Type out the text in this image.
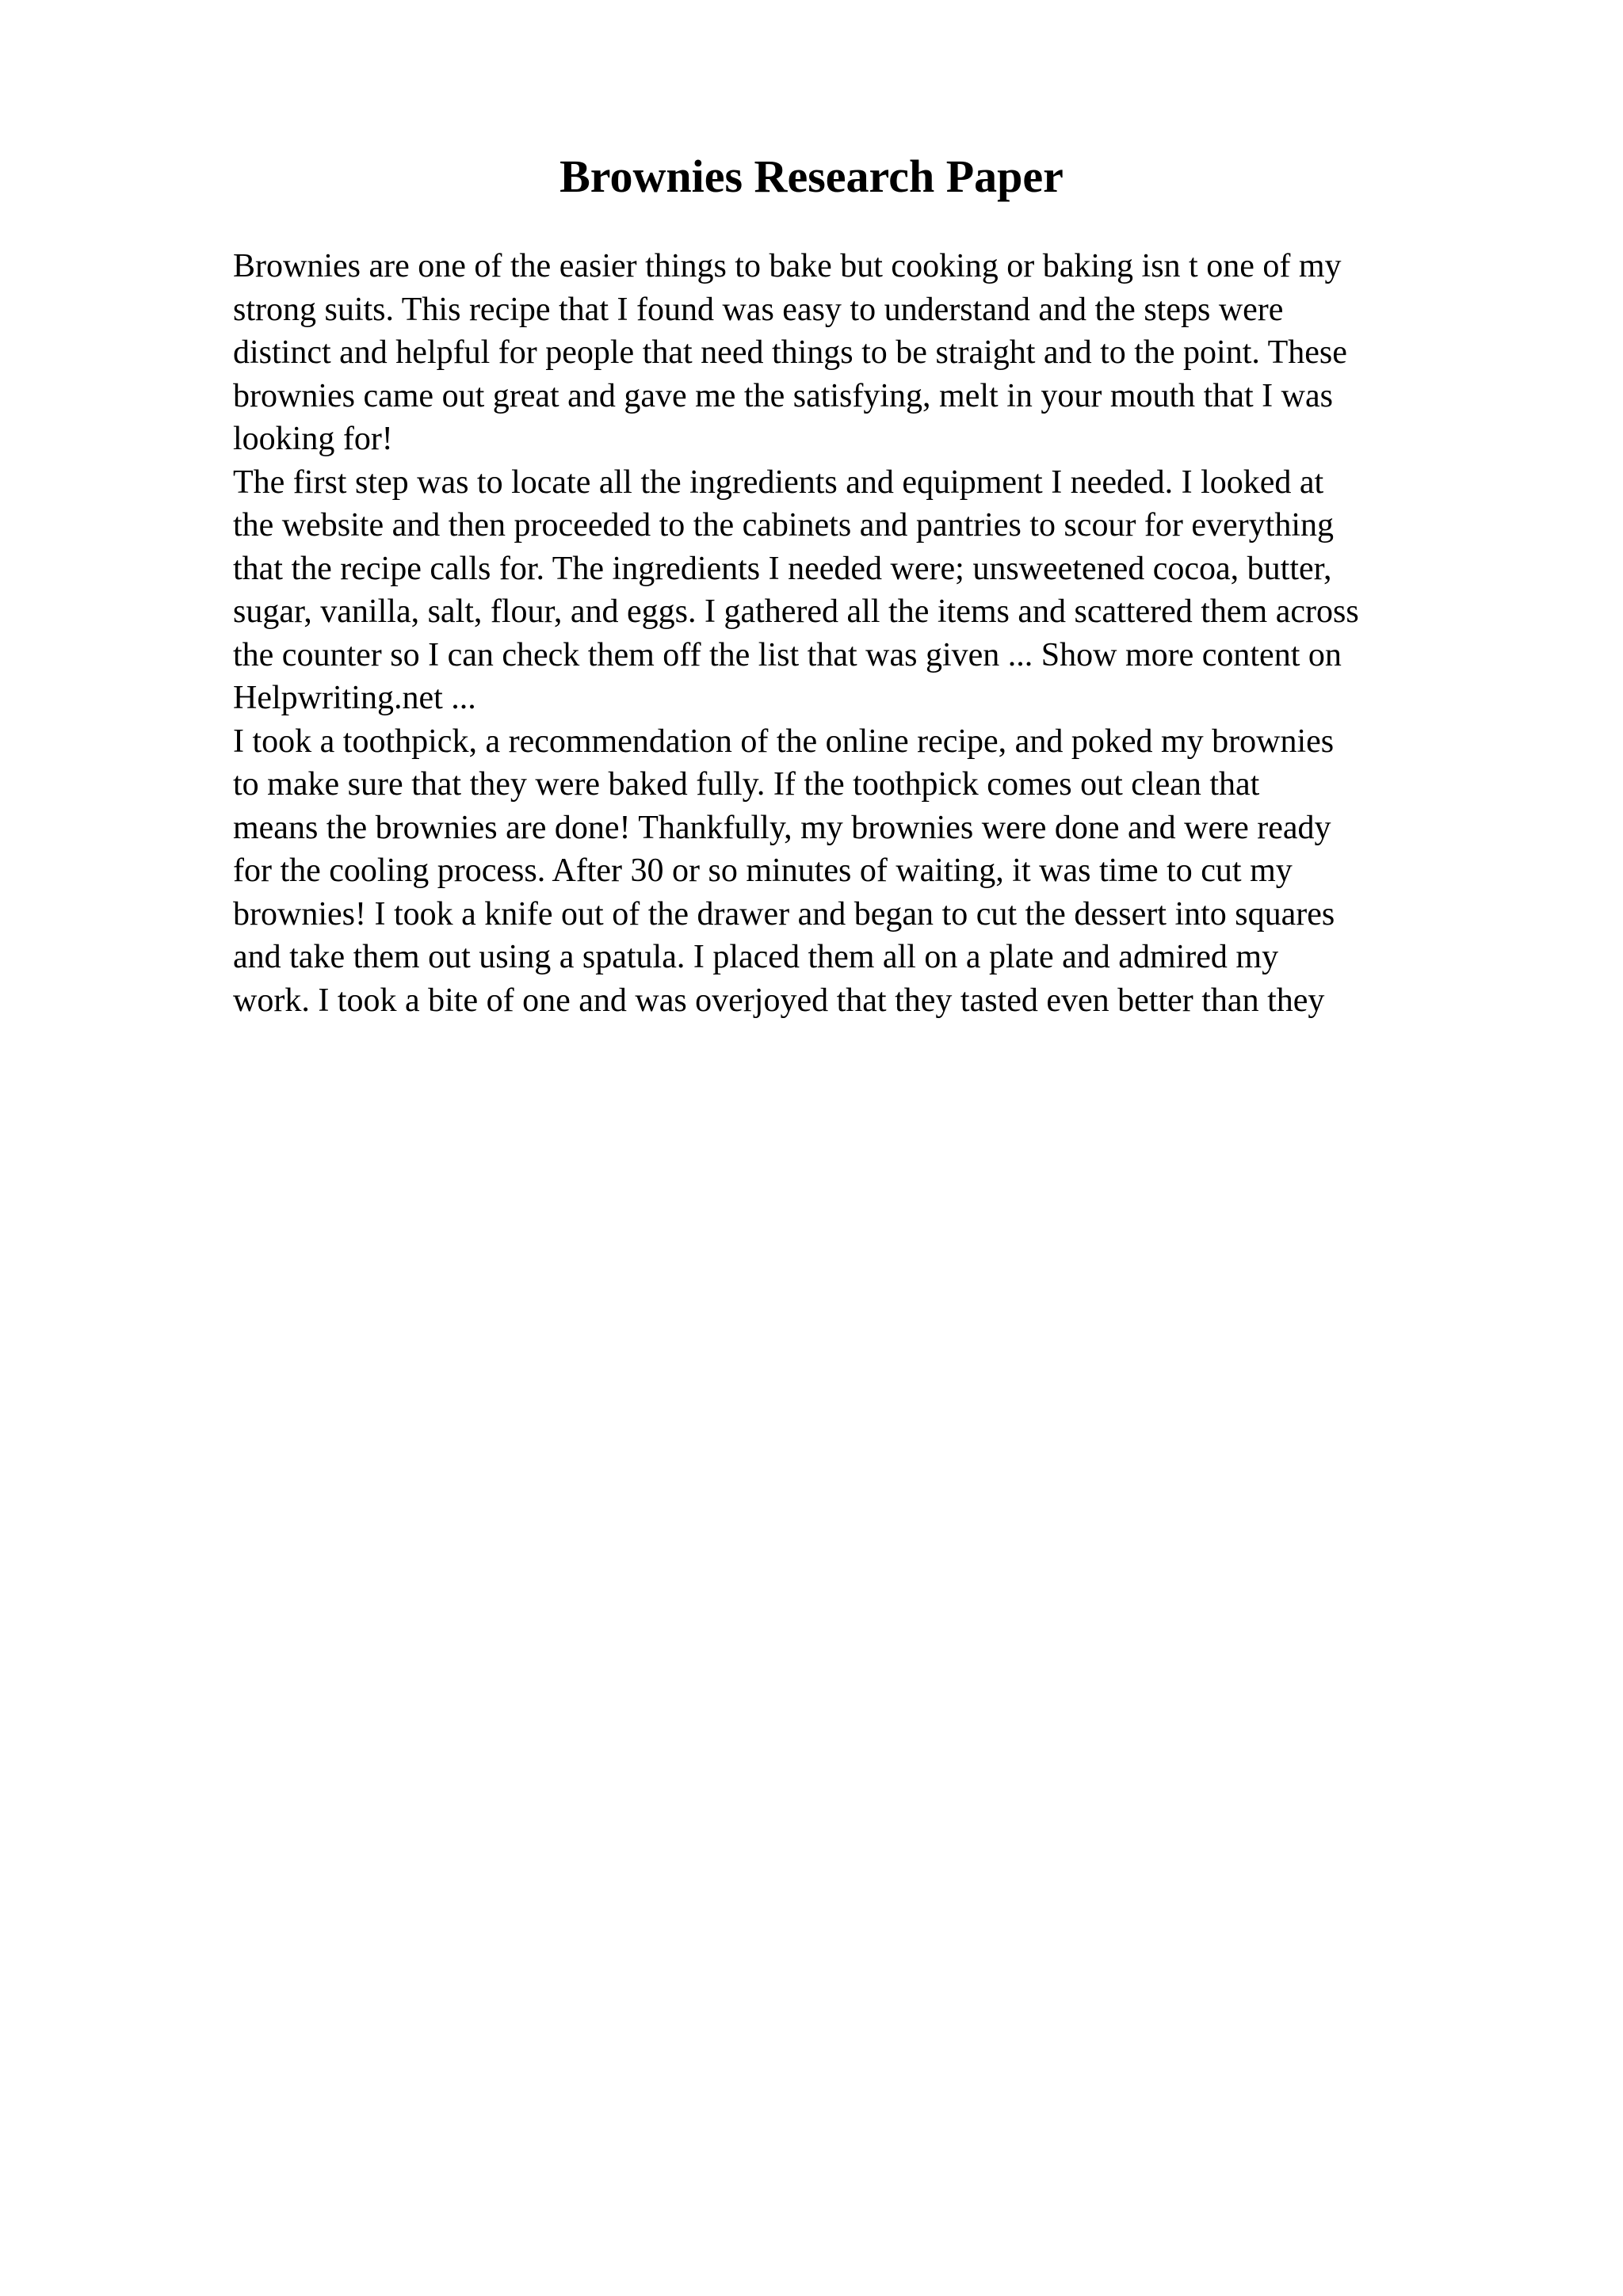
Brownies Research Paper
Brownies are one of the easier things to bake but cooking or baking isn t one of my
strong suits. This recipe that I found was easy to understand and the steps were
distinct and helpful for people that need things to be straight and to the point. These
brownies came out great and gave me the satisfying, melt in your mouth that I was
looking for!
The first step was to locate all the ingredients and equipment I needed. I looked at
the website and then proceeded to the cabinets and pantries to scour for everything
that the recipe calls for. The ingredients I needed were; unsweetened cocoa, butter,
sugar, vanilla, salt, flour, and eggs. I gathered all the items and scattered them across
the counter so I can check them off the list that was given ... Show more content on
Helpwriting.net ...
I took a toothpick, a recommendation of the online recipe, and poked my brownies
to make sure that they were baked fully. If the toothpick comes out clean that
means the brownies are done! Thankfully, my brownies were done and were ready
for the cooling process. After 30 or so minutes of waiting, it was time to cut my
brownies! I took a knife out of the drawer and began to cut the dessert into squares
and take them out using a spatula. I placed them all on a plate and admired my
work. I took a bite of one and was overjoyed that they tasted even better than they
